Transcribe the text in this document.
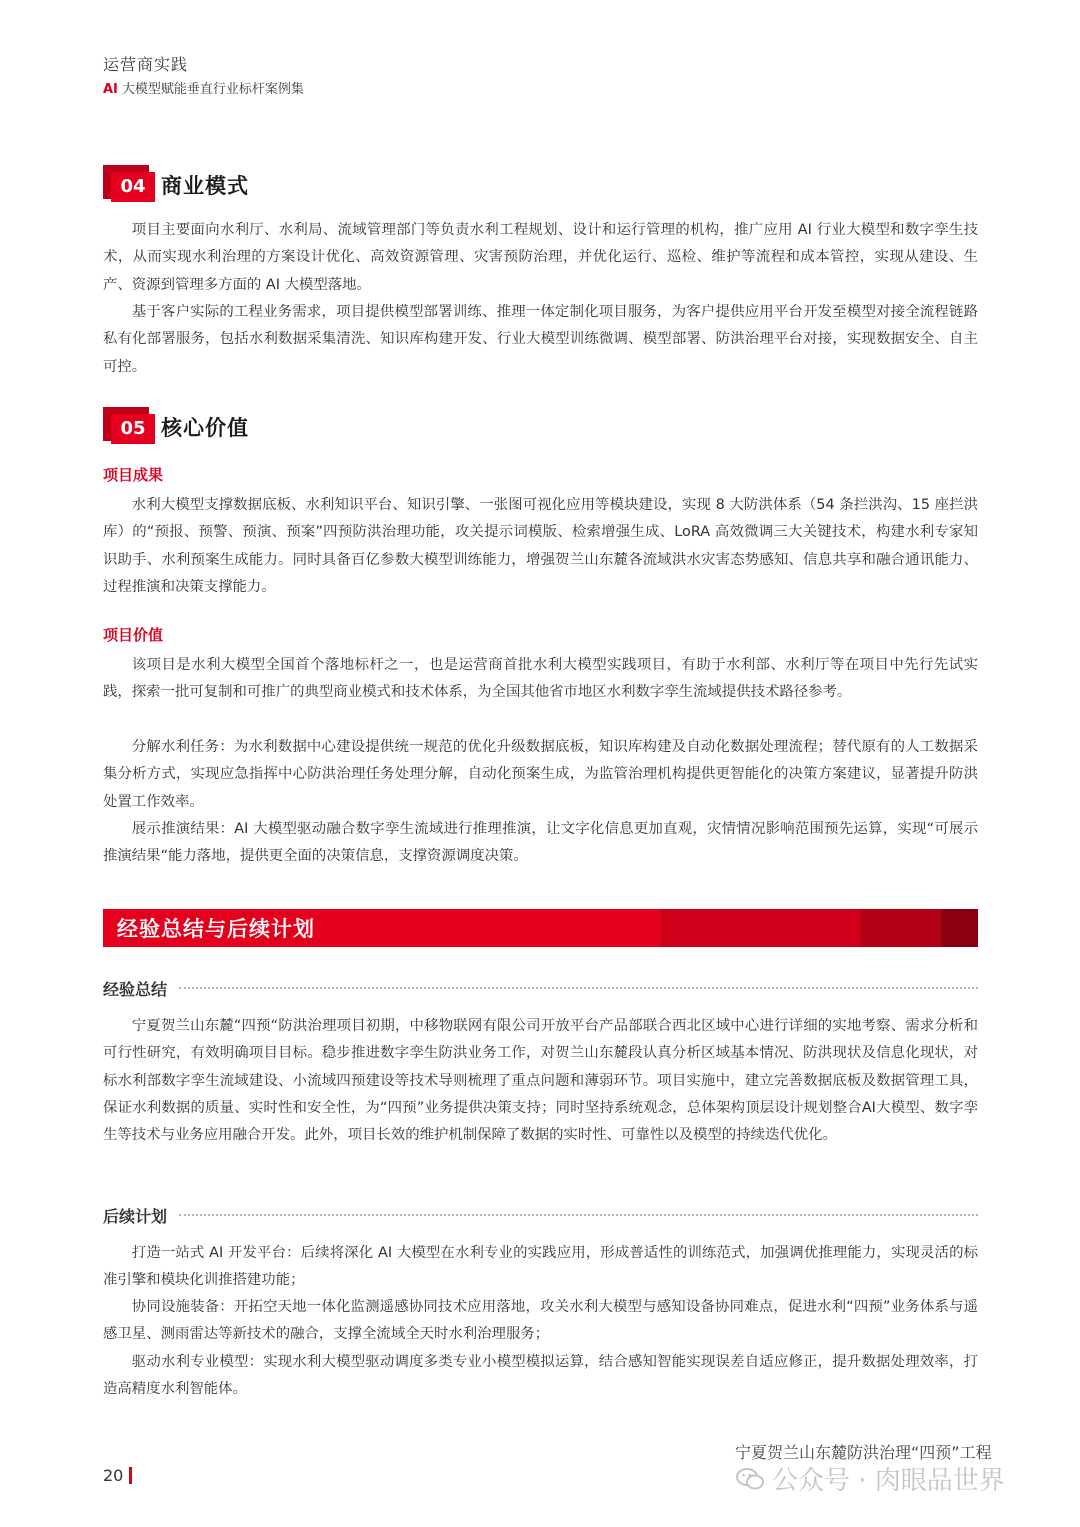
运营商实践
AI 大模型赋能垂直行业标杆案例集
04 商业模式

项目主要面向水利厅、水利局、流域管理部门等负责水利工程规划、设计和运行管理的机构，推广应用 AI 行业大模型和数字孪生技术，从而实现水利治理的方案设计优化、高效资源管理、灾害预防治理，并优化运行、巡检、维护等流程和成本管控，实现从建设、生产、资源到管理多方面的 AI 大模型落地。

基于客户实际的工程业务需求，项目提供模型部署训练、推理一体定制化项目服务，为客户提供应用平台开发至模型对接全流程链路私有化部署服务，包括水利数据采集清洗、知识库构建开发、行业大模型训练微调、模型部署、防洪治理平台对接，实现数据安全、自主可控。

05 核心价值
项目成果

水利大模型支撑数据底板、水利知识平台、知识引擎、一张图可视化应用等模块建设，实现 8 大防洪体系（54 条拦洪沟、15 座拦洪库）的“预报、预警、预演、预案”四预防洪治理功能，攻关提示词模版、检索增强生成、LoRA 高效微调三大关键技术，构建水利专家知识助手、水利预案生成能力。同时具备百亿参数大模型训练能力，增强贺兰山东麓各流域洪水灾害态势感知、信息共享和融合通讯能力、过程推演和决策支撑能力。

项目价值

该项目是水利大模型全国首个落地标杆之一，也是运营商首批水利大模型实践项目，有助于水利部、水利厅等在项目中先行先试实践，探索一批可复制和可推广的典型商业模式和技术体系，为全国其他省市地区水利数字孪生流域提供技术路径参考。

分解水利任务：为水利数据中心建设提供统一规范的优化升级数据底板，知识库构建及自动化数据处理流程；替代原有的人工数据采集分析方式，实现应急指挥中心防洪治理任务处理分解，自动化预案生成，为监管治理机构提供更智能化的决策方案建议，显著提升防洪处置工作效率。

展示推演结果：AI 大模型驱动融合数字孪生流域进行推理推演，让文字化信息更加直观，灾情情况影响范围预先运算，实现“可展示推演结果“能力落地，提供更全面的决策信息，支撑资源调度决策。

经验总结与后续计划
经验总结

宁夏贺兰山东麓“四预“防洪治理项目初期，中移物联网有限公司开放平台产品部联合西北区域中心进行详细的实地考察、需求分析和可行性研究，有效明确项目目标。稳步推进数字孪生防洪业务工作，对贺兰山东麓段认真分析区域基本情况、防洪现状及信息化现状，对标水利部数字孪生流域建设、小流域四预建设等技术导则梳理了重点问题和薄弱环节。项目实施中，建立完善数据底板及数据管理工具，保证水利数据的质量、实时性和安全性，为“四预”业务提供决策支持；同时坚持系统观念，总体架构顶层设计规划整合AI大模型、数字孪生等技术与业务应用融合开发。此外，项目长效的维护机制保障了数据的实时性、可靠性以及模型的持续迭代优化。

后续计划

打造一站式 AI 开发平台：后续将深化 AI 大模型在水利专业的实践应用，形成普适性的训练范式，加强调优推理能力，实现灵活的标准引擎和模块化训推搭建功能；

协同设施装备：开拓空天地一体化监测遥感协同技术应用落地，攻关水利大模型与感知设备协同难点，促进水利“四预”业务体系与遥感卫星、测雨雷达等新技术的融合，支撑全流域全天时水利治理服务；

驱动水利专业模型：实现水利大模型驱动调度多类专业小模型模拟运算，结合感知智能实现误差自适应修正，提升数据处理效率，打造高精度水利智能体。

20
宁夏贺兰山东麓防洪治理“四预”工程
公众号 · 肉眼品世界
